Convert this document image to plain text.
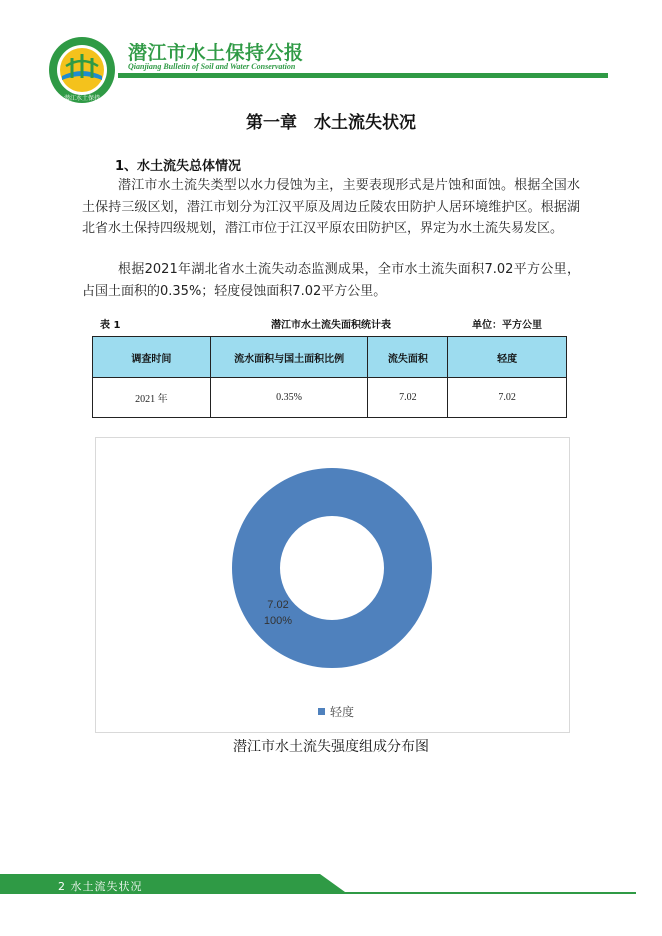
潜江水土保持
潜江市水土保持公报
Qianjiang Bulletin of Soil and Water Conservation
第一章　水土流失状况
1、水土流失总体情况
潜江市水土流失类型以水力侵蚀为主，主要表现形式是片蚀和面蚀。根据全国水土保持三级区划，潜江市划分为江汉平原及周边丘陵农田防护人居环境维护区。根据湖北省水土保持四级规划，潜江市位于江汉平原农田防护区，界定为水土流失易发区。
根据2021年湖北省水土流失动态监测成果，全市水土流失面积7.02平方公里，占国土面积的0.35%；轻度侵蚀面积7.02平方公里。
表 1	潜江市水土流失面积统计表	单位：平方公里
调查时间	流水面积与国土面积比例	流失面积	轻度
2021 年	0.35%	7.02	7.02
7.02
100%
轻度
潜江市水土流失强度组成分布图
2 水土流失状况
